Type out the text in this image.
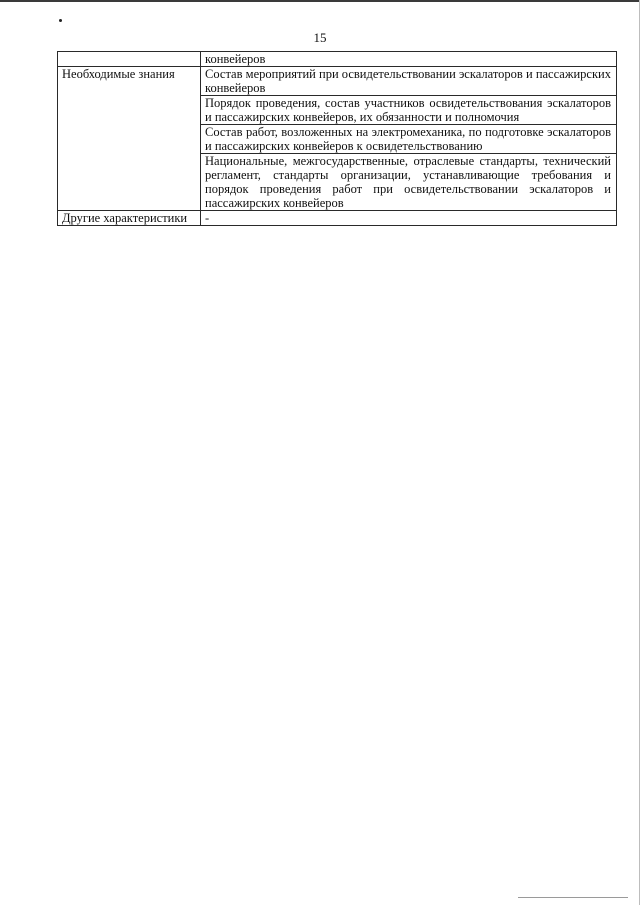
15
	конвейеров
Необходимые знания	Состав мероприятий при освидетельствовании эскалаторов и пассажирских конвейеров
	Порядок проведения, состав участников освидетельствования эскалаторов и пассажирских конвейеров, их обязанности и полномочия
	Состав работ, возложенных на электромеханика, по подготовке эскалаторов и пассажирских конвейеров к освидетельствованию
	Национальные, межгосударственные, отраслевые стандарты, технический регламент, стандарты организации, устанавливающие требования и порядок проведения работ при освидетельствовании эскалаторов и пассажирских конвейеров
Другие характеристики	-
